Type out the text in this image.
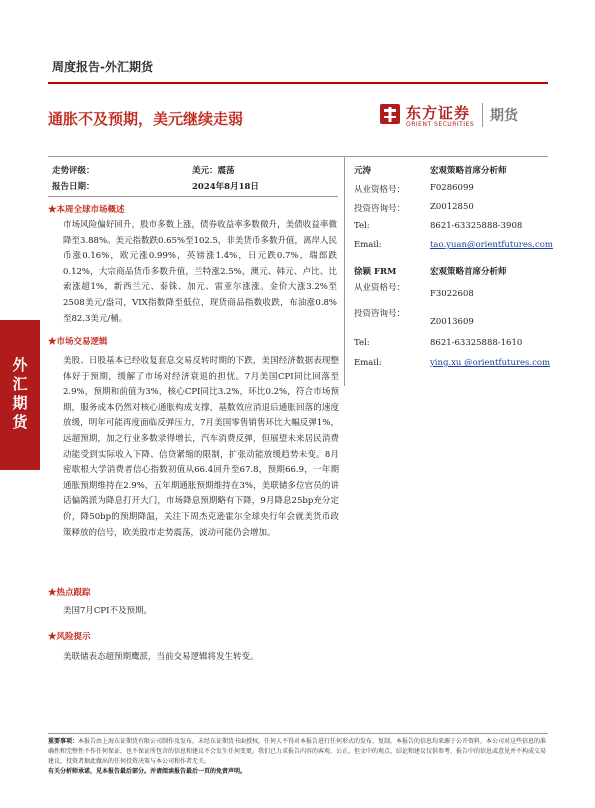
周度报告-外汇期货
通胀不及预期，美元继续走弱	东方证券
ORIENT SECURITIES
期货
外汇期货
走势评级：	美元：震荡
报告日期：	2024年8月18日
★本周全球市场概述
市场风险偏好回升，股市多数上涨，债券收益率多数微升，美债收益率微降至3.88%。美元指数跌0.65%至102.5，非美货币多数升值，离岸人民币涨0.16%，欧元涨0.99%，英镑涨1.4%，日元跌0.7%，瑞郎跌0.12%，大宗商品货币多数升值，兰特涨2.5%，澳元、韩元、卢比、比索涨超1%，新西兰元、泰铢、加元、雷亚尔涨涨。金价大涨3.2%至2508美元/盎司，VIX指数降至低位，现货商品指数收跌，布油涨0.8%至82.3美元/桶。
★市场交易逻辑
美股、日股基本已经收复套息交易反转时期的下跌，美国经济数据表现整体好于预期，缓解了市场对经济衰退的担忧。7月美国CPI同比回落至2.9%，预期和前值为3%，核心CPI同比3.2%，环比0.2%，符合市场预期，服务成本仍然对核心通胀构成支撑，基数效应消退后通胀回落的速度放缓，明年可能再度面临反弹压力，7月美国零售销售环比大幅反弹1%，远超预期，加之行业多数录得增长，汽车消费反弹，但展望未来居民消费动能受到实际收入下降、信贷紧缩的限制，扩张动能放缓趋势未变。8月密歇根大学消费者信心指数初值从66.4回升至67.8，预期66.9，一年期通胀预期维持在2.9%，五年期通胀预期维持在3%，美联储多位官员的讲话偏鸽派为降息打开大门，市场降息预期略有下降，9月降息25bp充分定价，降50bp的预期降温，关注下周杰克逊霍尔全球央行年会就美货币政策释放的信号，欧美股市走势震荡，波动可能仍会增加。
★热点跟踪
美国7月CPI不及预期。
★风险提示
美联储表态超预期鹰派，当前交易逻辑将发生转变。
元涛	宏观策略首席分析师
从业资格号：	F0286099
投资咨询号：	Z0012850
Tel:	8621-63325888-3908
Email:	tao.yuan@orientfutures.com
徐颖 FRM	宏观策略首席分析师
从业资格号：
F3022608
投资咨询号：
Z0013609
Tel:	8621-63325888-1610
Email:	ying.xu @orientfutures.com
重要事项：本报告由上海东证期货有限公司制作及发布，未经东证期货书面授权，任何人不得对本报告进行任何形式的发布、复制。本报告的信息均来源于公开资料，本公司对这些信息的准确性和完整性不作任何保证，也不保证所包含的信息和建议不会发生任何变更。我们已力求报告内容的客观、公正，但文中的观点、结论和建议仅供参考，报告中的信息或意见并不构成交易建议，投资者据此做出的任何投资决策与本公司和作者无关。
有关分析师承诺，见本报告最后部分。并请阅读报告最后一页的免责声明。
